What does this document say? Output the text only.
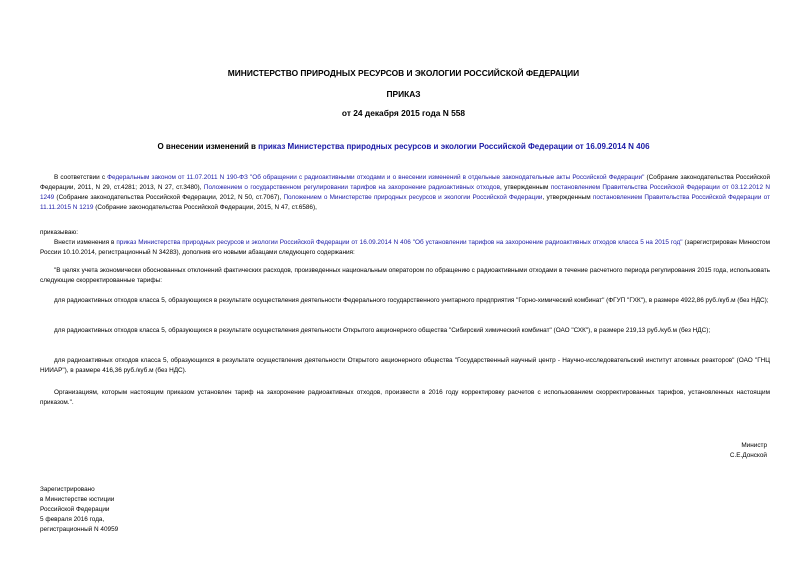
МИНИСТЕРСТВО ПРИРОДНЫХ РЕСУРСОВ И ЭКОЛОГИИ РОССИЙСКОЙ ФЕДЕРАЦИИ
ПРИКАЗ
от 24 декабря 2015 года N 558
О внесении изменений в приказ Министерства природных ресурсов и экологии Российской Федерации от 16.09.2014 N 406
В соответствии с Федеральным законом от 11.07.2011 N 190-ФЗ "Об обращении с радиоактивными отходами и о внесении изменений в отдельные законодательные акты Российской Федерации" (Собрание законодательства Российской Федерации, 2011, N 29, ст.4281; 2013, N 27, ст.3480), Положением о государственном регулировании тарифов на захоронение радиоактивных отходов, утвержденным постановлением Правительства Российской Федерации от 03.12.2012 N 1249 (Собрание законодательства Российской Федерации, 2012, N 50, ст.7067), Положением о Министерстве природных ресурсов и экологии Российской Федерации, утвержденным постановлением Правительства Российской Федерации от 11.11.2015 N 1219 (Собрание законодательства Российской Федерации, 2015, N 47, ст.6586),
приказываю:
Внести изменения в приказ Министерства природных ресурсов и экологии Российской Федерации от 16.09.2014 N 406 "Об установлении тарифов на захоронение радиоактивных отходов класса 5 на 2015 год" (зарегистрирован Минюстом России 10.10.2014, регистрационный N 34283), дополнив его новыми абзацами следующего содержания:
"В целях учета экономически обоснованных отклонений фактических расходов, произведенных национальным оператором по обращению с радиоактивными отходами в течение расчетного периода регулирования 2015 года, использовать следующие скорректированные тарифы:
для радиоактивных отходов класса 5, образующихся в результате осуществления деятельности Федерального государственного унитарного предприятия "Горно-химический комбинат" (ФГУП "ГХК"), в размере 4922,86 руб./куб.м (без НДС);
для радиоактивных отходов класса 5, образующихся в результате осуществления деятельности Открытого акционерного общества "Сибирский химический комбинат" (ОАО "СХК"), в размере 219,13 руб./куб.м (без НДС);
для радиоактивных отходов класса 5, образующихся в результате осуществления деятельности Открытого акционерного общества "Государственный научный центр - Научно-исследовательский институт атомных реакторов" (ОАО "ГНЦ НИИАР"), в размере 416,36 руб./куб.м (без НДС).
Организациям, которым настоящим приказом установлен тариф на захоронение радиоактивных отходов, произвести в 2016 году корректировку расчетов с использованием скорректированных тарифов, установленных настоящим приказом.".
Министр
С.Е.Донской
Зарегистрировано
в Министерстве юстиции
Российской Федерации
5 февраля 2016 года,
регистрационный N 40959
